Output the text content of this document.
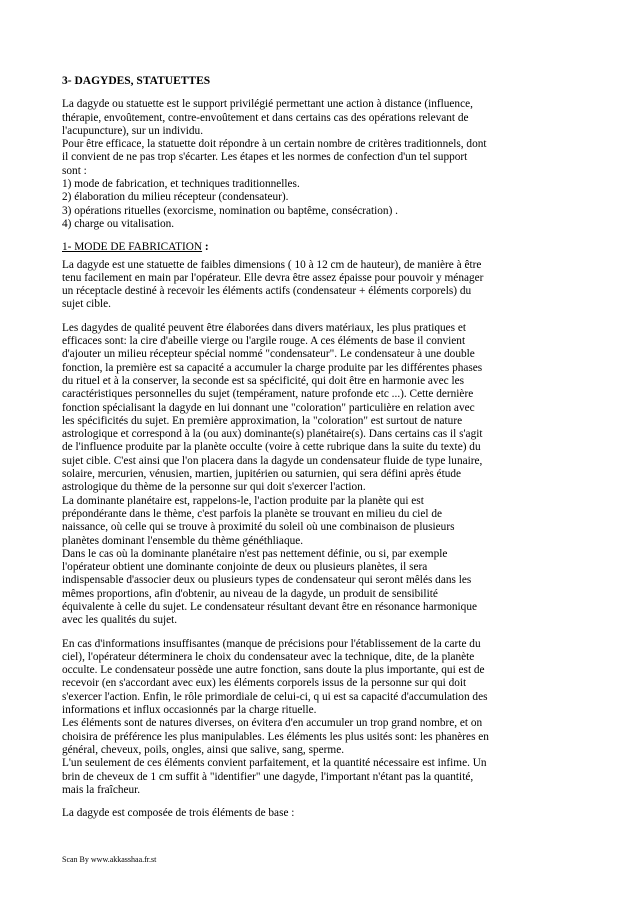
3- DAGYDES, STATUETTES
La dagyde ou statuette est le support privilégié permettant une action à distance (influence,
thérapie, envoûtement, contre-envoûtement et dans certains cas des opérations relevant de
l'acupuncture), sur un individu.
Pour être efficace, la statuette doit répondre à un certain nombre de critères traditionnels, dont
il convient de ne pas trop s'écarter. Les étapes et les normes de confection d'un tel support
sont :
1) mode de fabrication, et techniques traditionnelles.
2) élaboration du milieu récepteur (condensateur).
3) opérations rituelles (exorcisme, nomination ou baptême, consécration) .
4) charge ou vitalisation.
1- MODE DE FABRICATION :
La dagyde est une statuette de faibles dimensions ( 10 à 12 cm de hauteur), de manière à être
tenu facilement en main par l'opérateur. Elle devra être assez épaisse pour pouvoir y ménager
un réceptacle destiné à recevoir les éléments actifs (condensateur + éléments corporels) du
sujet cible.
Les dagydes de qualité peuvent être élaborées dans divers matériaux, les plus pratiques et
efficaces sont: la cire d'abeille vierge ou l'argile rouge. A ces éléments de base il convient
d'ajouter un milieu récepteur spécial nommé "condensateur". Le condensateur à une double
fonction, la première est sa capacité a accumuler la charge produite par les différentes phases
du rituel et à la conserver, la seconde est sa spécificité, qui doit être en harmonie avec les
caractéristiques personnelles du sujet (tempérament, nature profonde etc ...). Cette dernière
fonction spécialisant la dagyde en lui donnant une "coloration" particulière en relation avec
les spécificités du sujet. En première approximation, la "coloration" est surtout de nature
astrologique et correspond à la (ou aux) dominante(s) planétaire(s). Dans certains cas il s'agit
de l'influence produite par la planète occulte (voire à cette rubrique dans la suite du texte) du
sujet cible. C'est ainsi que l'on placera dans la dagyde un condensateur fluide de type lunaire,
solaire, mercurien, vénusien, martien, jupitérien ou saturnien, qui sera défini après étude
astrologique du thème de la personne sur qui doit s'exercer l'action.
La dominante planétaire est, rappelons-le, l'action produite par la planète qui est
prépondérante dans le thème, c'est parfois la planète se trouvant en milieu du ciel de
naissance, où celle qui se trouve à proximité du soleil où une combinaison de plusieurs
planètes dominant l'ensemble du thème généthliaque.
Dans le cas où la dominante planétaire n'est pas nettement définie, ou si, par exemple
l'opérateur obtient une dominante conjointe de deux ou plusieurs planètes, il sera
indispensable d'associer deux ou plusieurs types de condensateur qui seront mêlés dans les
mêmes proportions, afin d'obtenir, au niveau de la dagyde, un produit de sensibilité
équivalente à celle du sujet. Le condensateur résultant devant être en résonance harmonique
avec les qualités du sujet.
En cas d'informations insuffisantes (manque de précisions pour l'établissement de la carte du
ciel), l'opérateur déterminera le choix du condensateur avec la technique, dite, de la planète
occulte. Le condensateur possède une autre fonction, sans doute la plus importante, qui est de
recevoir (en s'accordant avec eux) les éléments corporels issus de la personne sur qui doit
s'exercer l'action. Enfin, le rôle primordiale de celui-ci, q ui est sa capacité d'accumulation des
informations et influx occasionnés par la charge rituelle.
Les éléments sont de natures diverses, on évitera d'en accumuler un trop grand nombre, et on
choisira de préférence les plus manipulables. Les éléments les plus usités sont: les phanères en
général, cheveux, poils, ongles, ainsi que salive, sang, sperme.
L'un seulement de ces éléments convient parfaitement, et la quantité nécessaire est infime. Un
brin de cheveux de 1 cm suffit à "identifier" une dagyde, l'important n'étant pas la quantité,
mais la fraîcheur.
La dagyde est composée de trois éléments de base :
Scan By www.akkasshaa.fr.st
